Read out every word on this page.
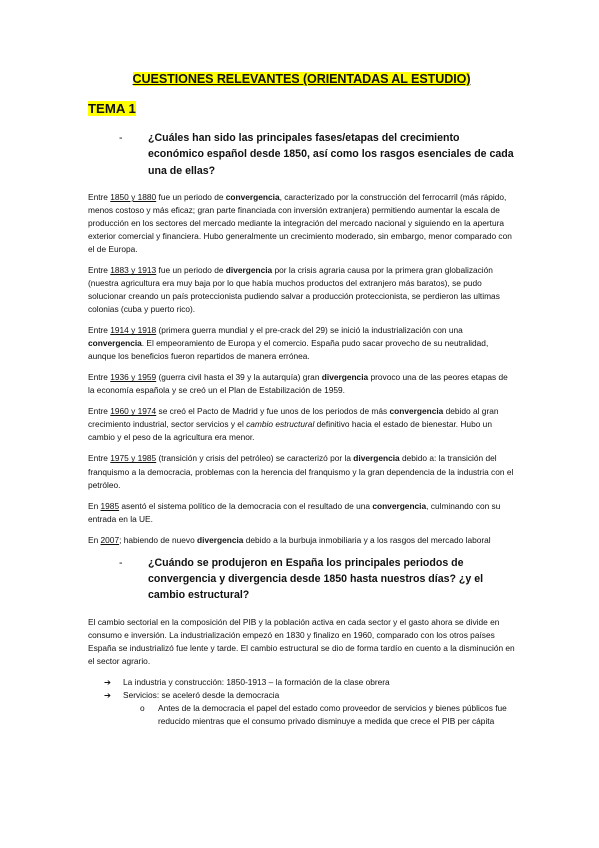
CUESTIONES RELEVANTES (ORIENTADAS AL ESTUDIO)
TEMA 1
-	¿Cuáles han sido las principales fases/etapas del crecimiento económico español desde 1850, así como los rasgos esenciales de cada una de ellas?

Entre 1850 y 1880 fue un periodo de convergencia, caracterizado por la construcción del ferrocarril (más rápido, menos costoso y más eficaz; gran parte financiada con inversión extranjera) permitiendo aumentar la escala de producción en los sectores del mercado mediante la integración del mercado nacional y siguiendo en la apertura exterior comercial y financiera. Hubo generalmente un crecimiento moderado, sin embargo, menor comparado con el de Europa.

Entre 1883 y 1913 fue un periodo de divergencia por la crisis agraria causa por la primera gran globalización (nuestra agricultura era muy baja por lo que había muchos productos del extranjero más baratos), se pudo solucionar creando un país proteccionista pudiendo salvar a producción proteccionista, se perdieron las ultimas colonias (cuba y puerto rico).

Entre 1914 y 1918 (primera guerra mundial y el pre-crack del 29) se inició la industrialización con una convergencia. El empeoramiento de Europa y el comercio. España pudo sacar provecho de su neutralidad, aunque los beneficios fueron repartidos de manera errónea.

Entre 1936 y 1959 (guerra civil hasta el 39 y la autarquía) gran divergencia provoco una de las peores etapas de la economía española y se creó un el Plan de Estabilización de 1959.

Entre 1960 y 1974 se creó el Pacto de Madrid y fue unos de los periodos de más convergencia debido al gran crecimiento industrial, sector servicios y el cambio estructural definitivo hacia el estado de bienestar. Hubo un cambio y el peso de la agricultura era menor.

Entre 1975 y 1985 (transición y crisis del petróleo) se caracterizó por la divergencia debido a: la transición del franquismo a la democracia, problemas con la herencia del franquismo y la gran dependencia de la industria con el petróleo.

En 1985 asentó el sistema político de la democracia con el resultado de una convergencia, culminando con su entrada en la UE.

En 2007; habiendo de nuevo divergencia debido a la burbuja inmobiliaria y a los rasgos del mercado laboral

-	¿Cuándo se produjeron en España los principales periodos de convergencia y divergencia desde 1850 hasta nuestros días? ¿y el cambio estructural?

El cambio sectorial en la composición del PIB y la población activa en cada sector y el gasto ahora se divide en consumo e inversión. La industrialización empezó en 1830 y finalizo en 1960, comparado con los otros países España se industrializó fue lente y tarde. El cambio estructural se dio de forma tardío en cuento a la disminución en el sector agrario.

➔ La industria y construcción: 1850-1913 – la formación de la clase obrera
➔ Servicios: se aceleró desde la democracia
o Antes de la democracia el papel del estado como proveedor de servicios y bienes públicos fue reducido mientras que el consumo privado disminuye a medida que crece el PIB per cápita
